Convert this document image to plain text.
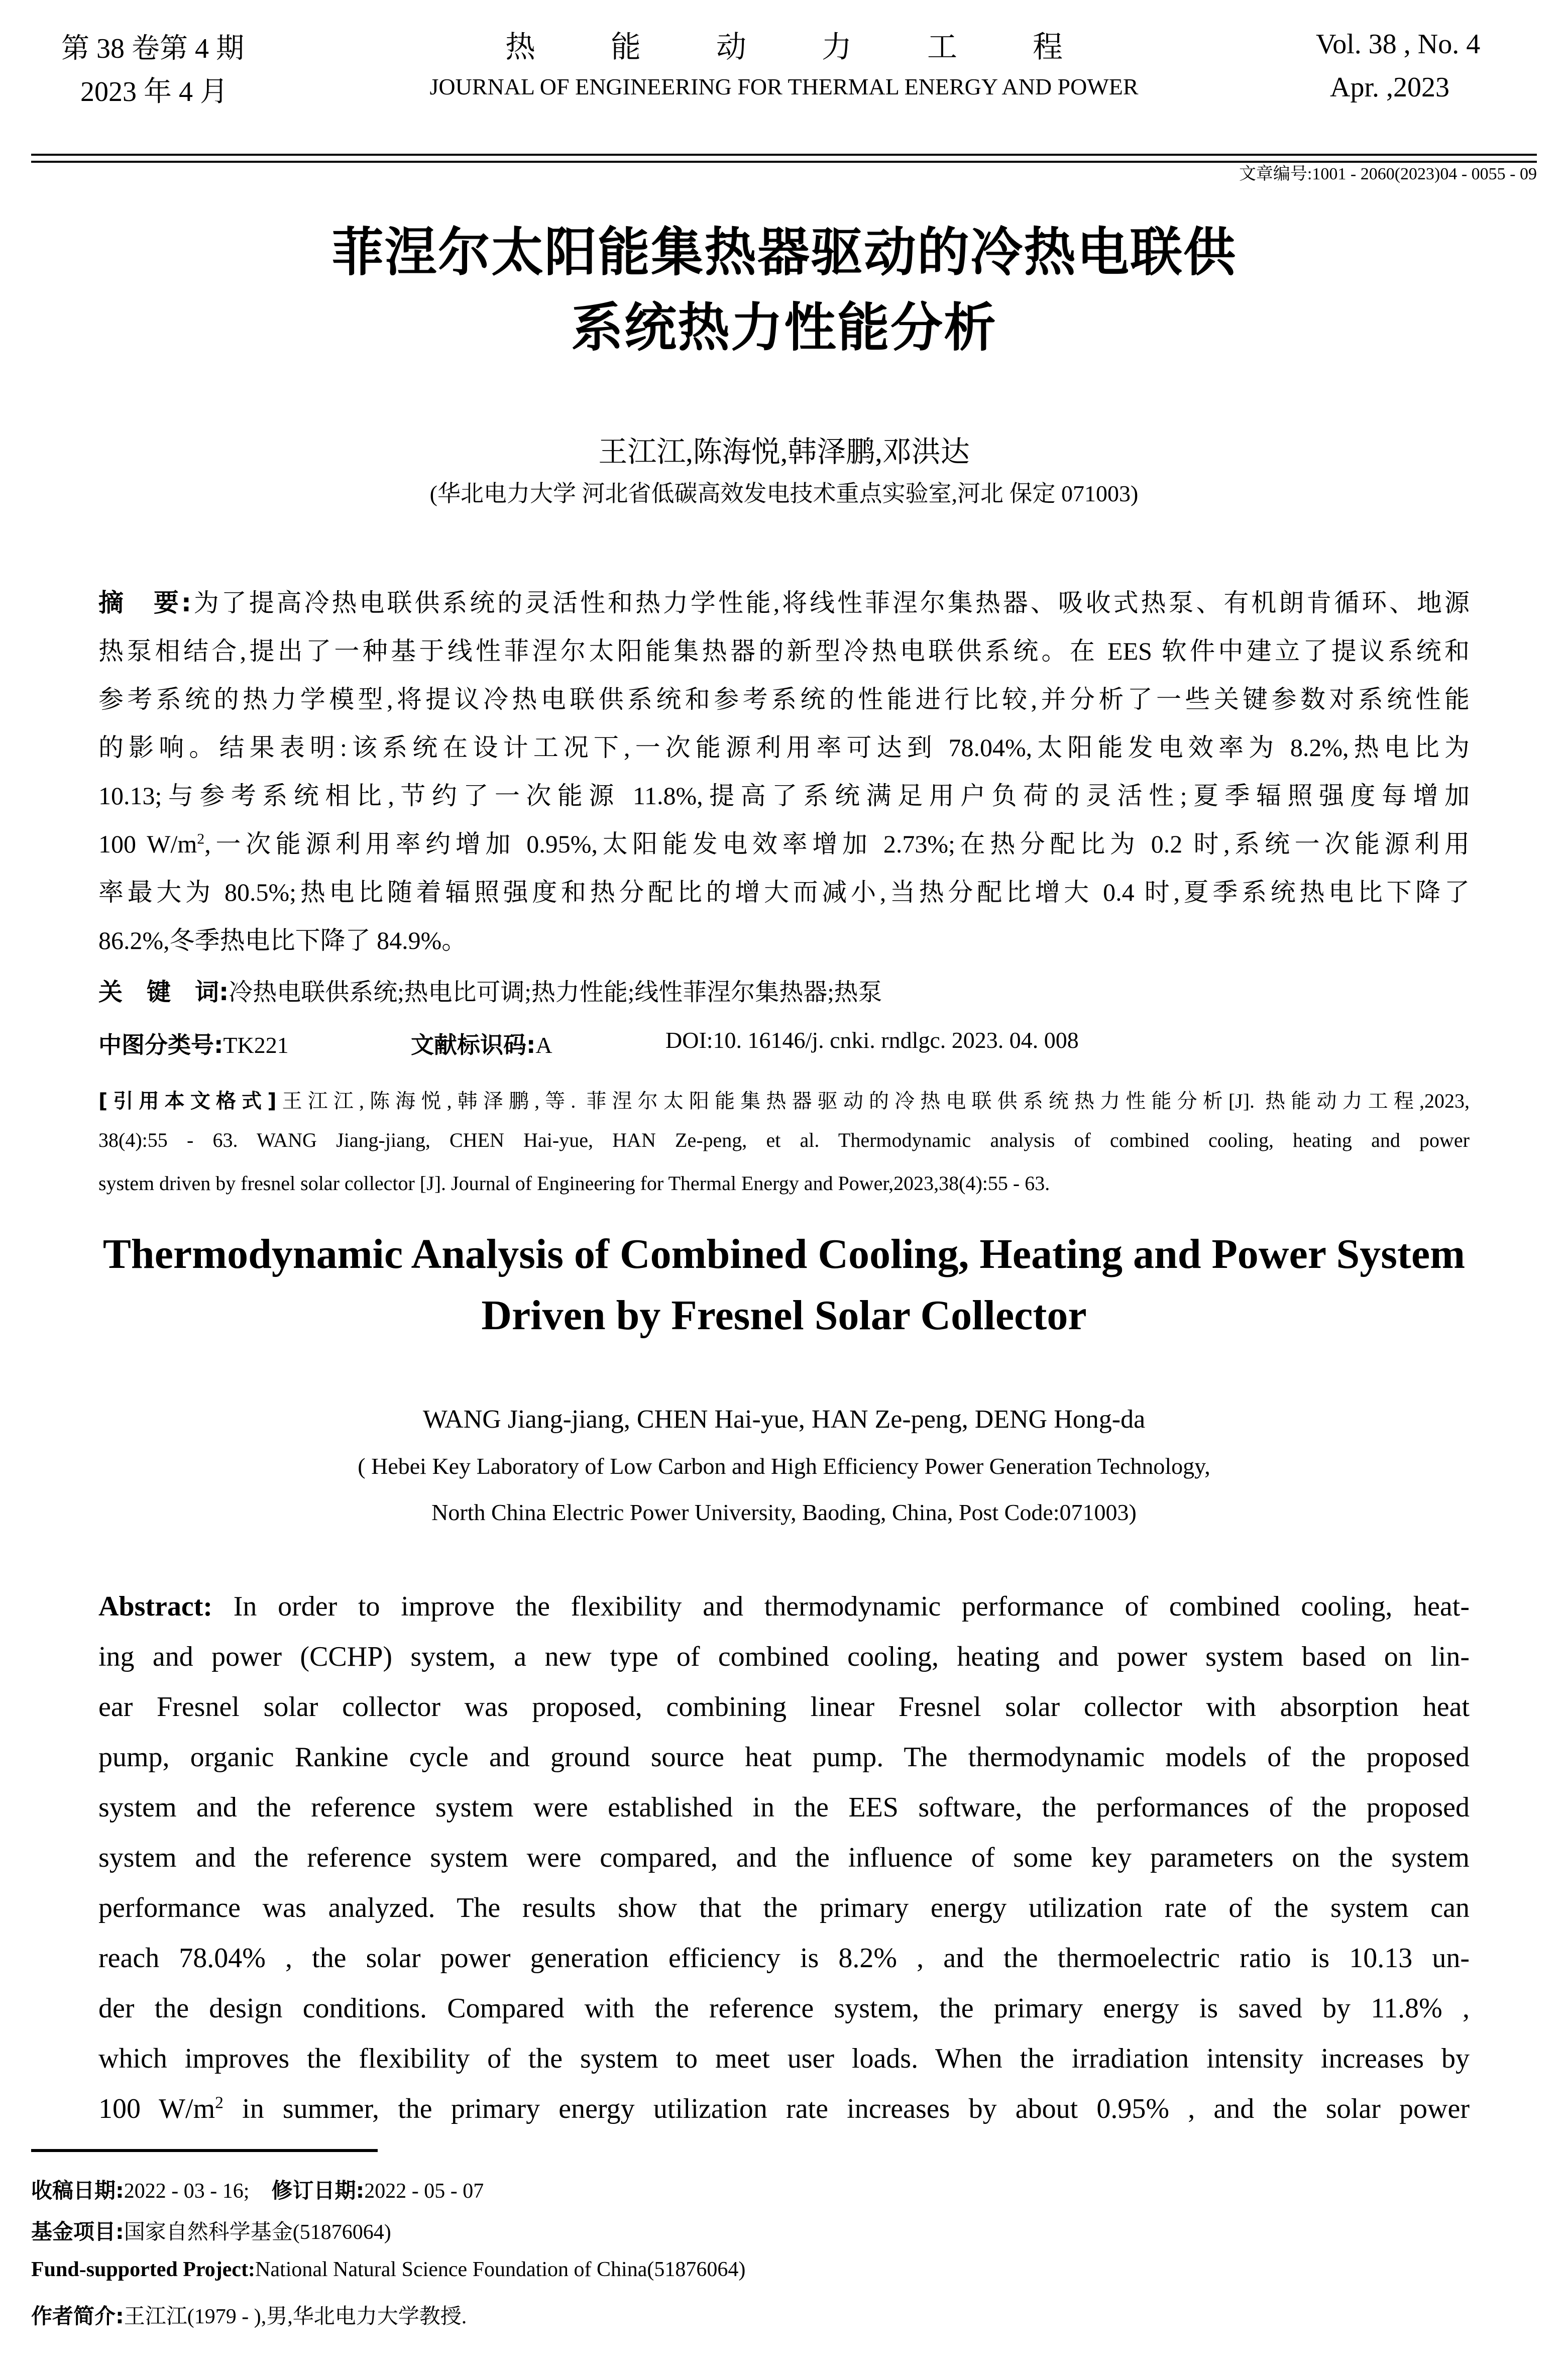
第 38 卷第 4 期
2023 年 4 月
热能动力工程
JOURNAL OF ENGINEERING FOR THERMAL ENERGY AND POWER
Vol. 38 , No. 4
Apr. ,2023
文章编号:1001 - 2060(2023)04 - 0055 - 09
菲涅尔太阳能集热器驱动的冷热电联供
系统热力性能分析
王江江,陈海悦,韩泽鹏,邓洪达
(华北电力大学 河北省低碳高效发电技术重点实验室,河北 保定 071003)
摘　要:为了提高冷热电联供系统的灵活性和热力学性能,将线性菲涅尔集热器、吸收式热泵、有机朗肯循环、地源
热泵相结合,提出了一种基于线性菲涅尔太阳能集热器的新型冷热电联供系统。在 EES 软件中建立了提议系统和
参考系统的热力学模型,将提议冷热电联供系统和参考系统的性能进行比较,并分析了一些关键参数对系统性能
的影响。结果表明:该系统在设计工况下,一次能源利用率可达到 78.04%,太阳能发电效率为 8.2%,热电比为
10.13;与参考系统相比,节约了一次能源 11.8%,提高了系统满足用户负荷的灵活性;夏季辐照强度每增加
100 $W/m^2$,一次能源利用率约增加 0.95%,太阳能发电效率增加 2.73%;在热分配比为 0.2 时,系统一次能源利用
率最大为 80.5%;热电比随着辐照强度和热分配比的增大而减小,当热分配比增大 0.4 时,夏季系统热电比下降了
86.2%,冬季热电比下降了 84.9%。
关　键　词:冷热电联供系统;热电比可调;热力性能;线性菲涅尔集热器;热泵
中图分类号:TK221	文献标识码:A	DOI:10. 16146/j. cnki. rndlgc. 2023. 04. 008
[引用本文格式]王江江,陈海悦,韩泽鹏,等. 菲涅尔太阳能集热器驱动的冷热电联供系统热力性能分析[J]. 热能动力工程,2023,
38(4):55 - 63. WANG Jiang-jiang, CHEN Hai-yue, HAN Ze-peng, et al. Thermodynamic analysis of combined cooling, heating and power
system driven by fresnel solar collector [J]. Journal of Engineering for Thermal Energy and Power,2023,38(4):55 - 63.
Thermodynamic Analysis of Combined Cooling, Heating and Power System
Driven by Fresnel Solar Collector
WANG Jiang-jiang, CHEN Hai-yue, HAN Ze-peng, DENG Hong-da
( Hebei Key Laboratory of Low Carbon and High Efficiency Power Generation Technology,
North China Electric Power University, Baoding, China, Post Code:071003)
Abstract: In order to improve the flexibility and thermodynamic performance of combined cooling, heat-
ing and power (CCHP) system, a new type of combined cooling, heating and power system based on lin-
ear Fresnel solar collector was proposed, combining linear Fresnel solar collector with absorption heat
pump, organic Rankine cycle and ground source heat pump. The thermodynamic models of the proposed
system and the reference system were established in the EES software, the performances of the proposed
system and the reference system were compared, and the influence of some key parameters on the system
performance was analyzed. The results show that the primary energy utilization rate of the system can
reach 78.04% , the solar power generation efficiency is 8.2% , and the thermoelectric ratio is 10.13 un-
der the design conditions. Compared with the reference system, the primary energy is saved by 11.8% ,
which improves the flexibility of the system to meet user loads. When the irradiation intensity increases by
100 $W/m^2$ in summer, the primary energy utilization rate increases by about 0.95% , and the solar power
收稿日期:2022 - 03 - 16; 修订日期:2022 - 05 - 07
基金项目:国家自然科学基金(51876064)
Fund-supported Project:National Natural Science Foundation of China(51876064)
作者简介:王江江(1979 - ),男,华北电力大学教授.
